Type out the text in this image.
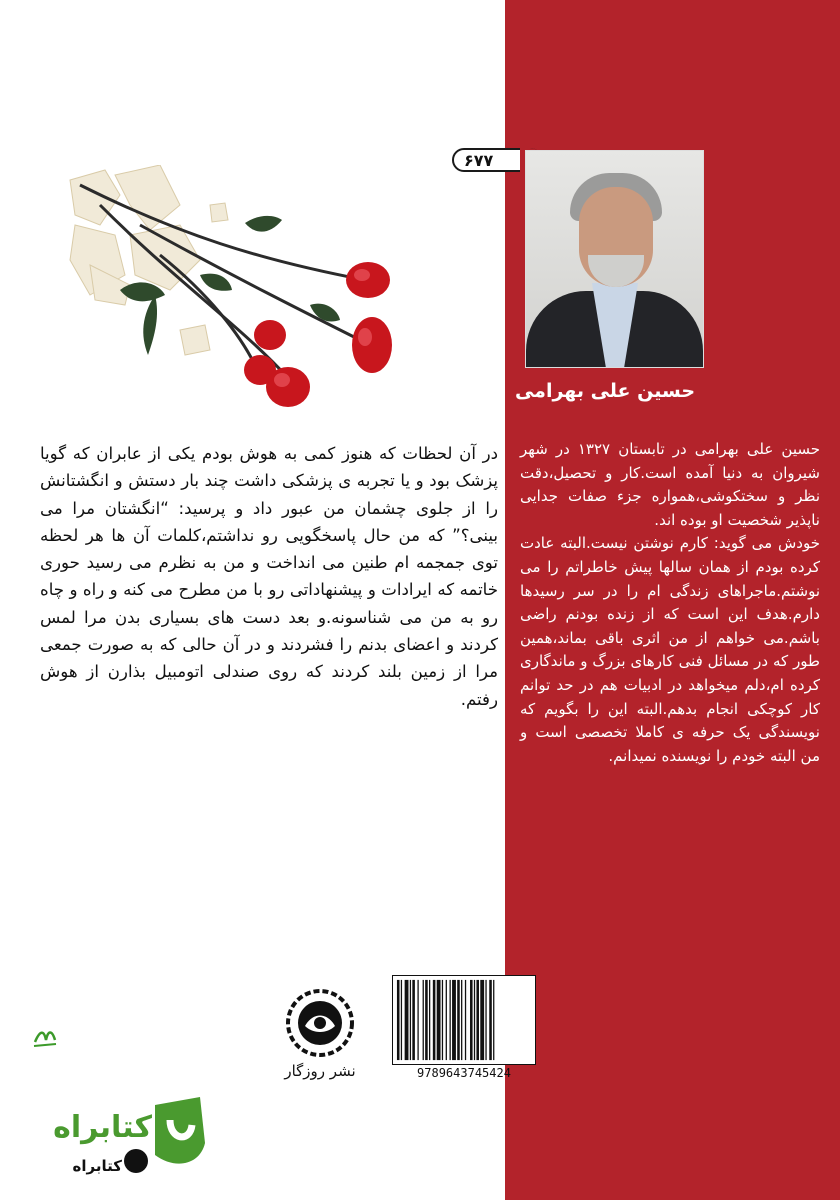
۶۷۷
حسین علی بهرامی

حسین علی بهرامی در تابستان ۱۳۲۷ در شهر شیروان به دنیا آمده است.کار و تحصیل،دقت نظر و سختکوشی،همواره جزء صفات جدایی ناپذیر شخصیت او بوده اند.

خودش می گوید: کارم نوشتن نیست.البته عادت کرده بودم از همان سالها پیش خاطراتم را می نوشتم.ماجراهای زندگی ام را در سر رسیدها دارم.هدف این است که از زنده بودنم راضی باشم.می خواهم از من اثری باقی بماند،همین طور که در مسائل فنی کارهای بزرگ و ماندگاری کرده ام،دلم میخواهد در ادبیات هم در حد توانم کار کوچکی انجام بدهم.البته این را بگویم که نویسندگی یک حرفه ی کاملا تخصصی است و من البته خودم را نویسنده نمیدانم.

در آن لحظات که هنوز کمی به هوش بودم یکی از عابران که گویا پزشک بود و یا تجربه ی پزشکی داشت چند بار دستش و انگشتانش را از جلوی چشمان من عبور داد و پرسید: “انگشتان مرا می بینی؟” که من حال پاسخگویی رو نداشتم،کلمات آن ها هر لحظه توی جمجمه ام طنین می انداخت و من به نظرم می رسید حوری خاتمه که ایرادات و پیشنهاداتی رو با من مطرح می کنه و راه و چاه رو به من می شناسونه.و بعد دست های بسیاری بدن مرا لمس کردند و اعضای بدنم را فشردند و در آن حالی که به صورت جمعی مرا از زمین بلند کردند که روی صندلی اتومبیل بذارن از هوش رفتم.
نشر روزگار	9789643745424
کتابراه
کتابراه
